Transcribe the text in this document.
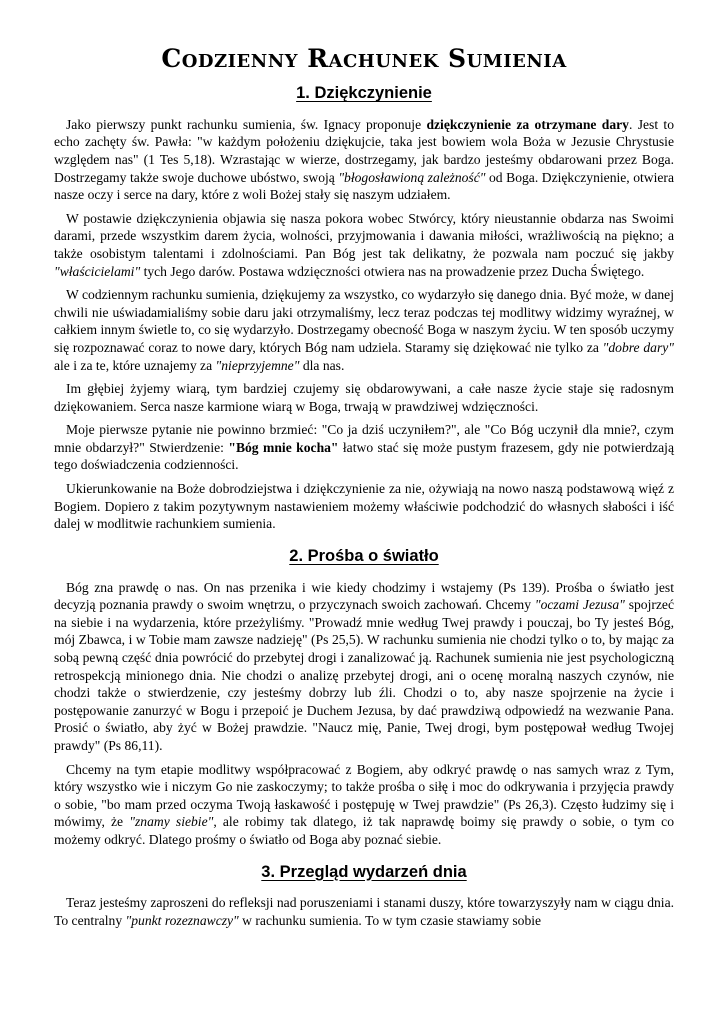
Codzienny Rachunek Sumienia
1. Dziękczynienie

Jako pierwszy punkt rachunku sumienia, św. Ignacy proponuje dziękczynienie za otrzymane dary. Jest to echo zachęty św. Pawła: "w każdym położeniu dziękujcie, taka jest bowiem wola Boża w Jezusie Chrystusie względem nas" (1 Tes 5,18). Wzrastając w wierze, dostrzegamy, jak bardzo jesteśmy obdarowani przez Boga. Dostrzegamy także swoje duchowe ubóstwo, swoją "błogosławioną zależność" od Boga. Dziękczynienie, otwiera nasze oczy i serce na dary, które z woli Bożej stały się naszym udziałem.

W postawie dziękczynienia objawia się nasza pokora wobec Stwórcy, który nieustannie obdarza nas Swoimi darami, przede wszystkim darem życia, wolności, przyjmowania i dawania miłości, wrażliwością na piękno; a także osobistym talentami i zdolnościami. Pan Bóg jest tak delikatny, że pozwala nam poczuć się jakby "właścicielami" tych Jego darów. Postawa wdzięczności otwiera nas na prowadzenie przez Ducha Świętego.

W codziennym rachunku sumienia, dziękujemy za wszystko, co wydarzyło się danego dnia. Być może, w danej chwili nie uświadamialiśmy sobie daru jaki otrzymaliśmy, lecz teraz podczas tej modlitwy widzimy wyraźnej, w całkiem innym świetle to, co się wydarzyło. Dostrzegamy obecność Boga w naszym życiu. W ten sposób uczymy się rozpoznawać coraz to nowe dary, których Bóg nam udziela. Staramy się dziękować nie tylko za "dobre dary" ale i za te, które uznajemy za "nieprzyjemne" dla nas.

Im głębiej żyjemy wiarą, tym bardziej czujemy się obdarowywani, a całe nasze życie staje się radosnym dziękowaniem. Serca nasze karmione wiarą w Boga, trwają w prawdziwej wdzięczności.

Moje pierwsze pytanie nie powinno brzmieć: "Co ja dziś uczyniłem?", ale "Co Bóg uczynił dla mnie?, czym mnie obdarzył?" Stwierdzenie: "Bóg mnie kocha" łatwo stać się może pustym frazesem, gdy nie potwierdzają tego doświadczenia codzienności.

Ukierunkowanie na Boże dobrodziejstwa i dziękczynienie za nie, ożywiają na nowo naszą podstawową więź z Bogiem. Dopiero z takim pozytywnym nastawieniem możemy właściwie podchodzić do własnych słabości i iść dalej w modlitwie rachunkiem sumienia.

2. Prośba o światło

Bóg zna prawdę o nas. On nas przenika i wie kiedy chodzimy i wstajemy (Ps 139). Prośba o światło jest decyzją poznania prawdy o swoim wnętrzu, o przyczynach swoich zachowań. Chcemy "oczami Jezusa" spojrzeć na siebie i na wydarzenia, które przeżyliśmy. "Prowadź mnie według Twej prawdy i pouczaj, bo Ty jesteś Bóg, mój Zbawca, i w Tobie mam zawsze nadzieję" (Ps 25,5). W rachunku sumienia nie chodzi tylko o to, by mając za sobą pewną część dnia powrócić do przebytej drogi i zanalizować ją. Rachunek sumienia nie jest psychologiczną retrospekcją minionego dnia. Nie chodzi o analizę przebytej drogi, ani o ocenę moralną naszych czynów, nie chodzi także o stwierdzenie, czy jesteśmy dobrzy lub źli. Chodzi o to, aby nasze spojrzenie na życie i postępowanie zanurzyć w Bogu i przepoić je Duchem Jezusa, by dać prawdziwą odpowiedź na wezwanie Pana. Prosić o światło, aby żyć w Bożej prawdzie. "Naucz mię, Panie, Twej drogi, bym postępował według Twojej prawdy" (Ps 86,11).

Chcemy na tym etapie modlitwy współpracować z Bogiem, aby odkryć prawdę o nas samych wraz z Tym, który wszystko wie i niczym Go nie zaskoczymy; to także prośba o siłę i moc do odkrywania i przyjęcia prawdy o sobie, "bo mam przed oczyma Twoją łaskawość i postępuję w Twej prawdzie" (Ps 26,3). Często łudzimy się i mówimy, że "znamy siebie", ale robimy tak dlatego, iż tak naprawdę boimy się prawdy o sobie, o tym co możemy odkryć. Dlatego prośmy o światło od Boga aby poznać siebie.

3. Przegląd wydarzeń dnia

Teraz jesteśmy zaproszeni do refleksji nad poruszeniami i stanami duszy, które towarzyszyły nam w ciągu dnia. To centralny "punkt rozeznawczy" w rachunku sumienia. To w tym czasie stawiamy sobie
